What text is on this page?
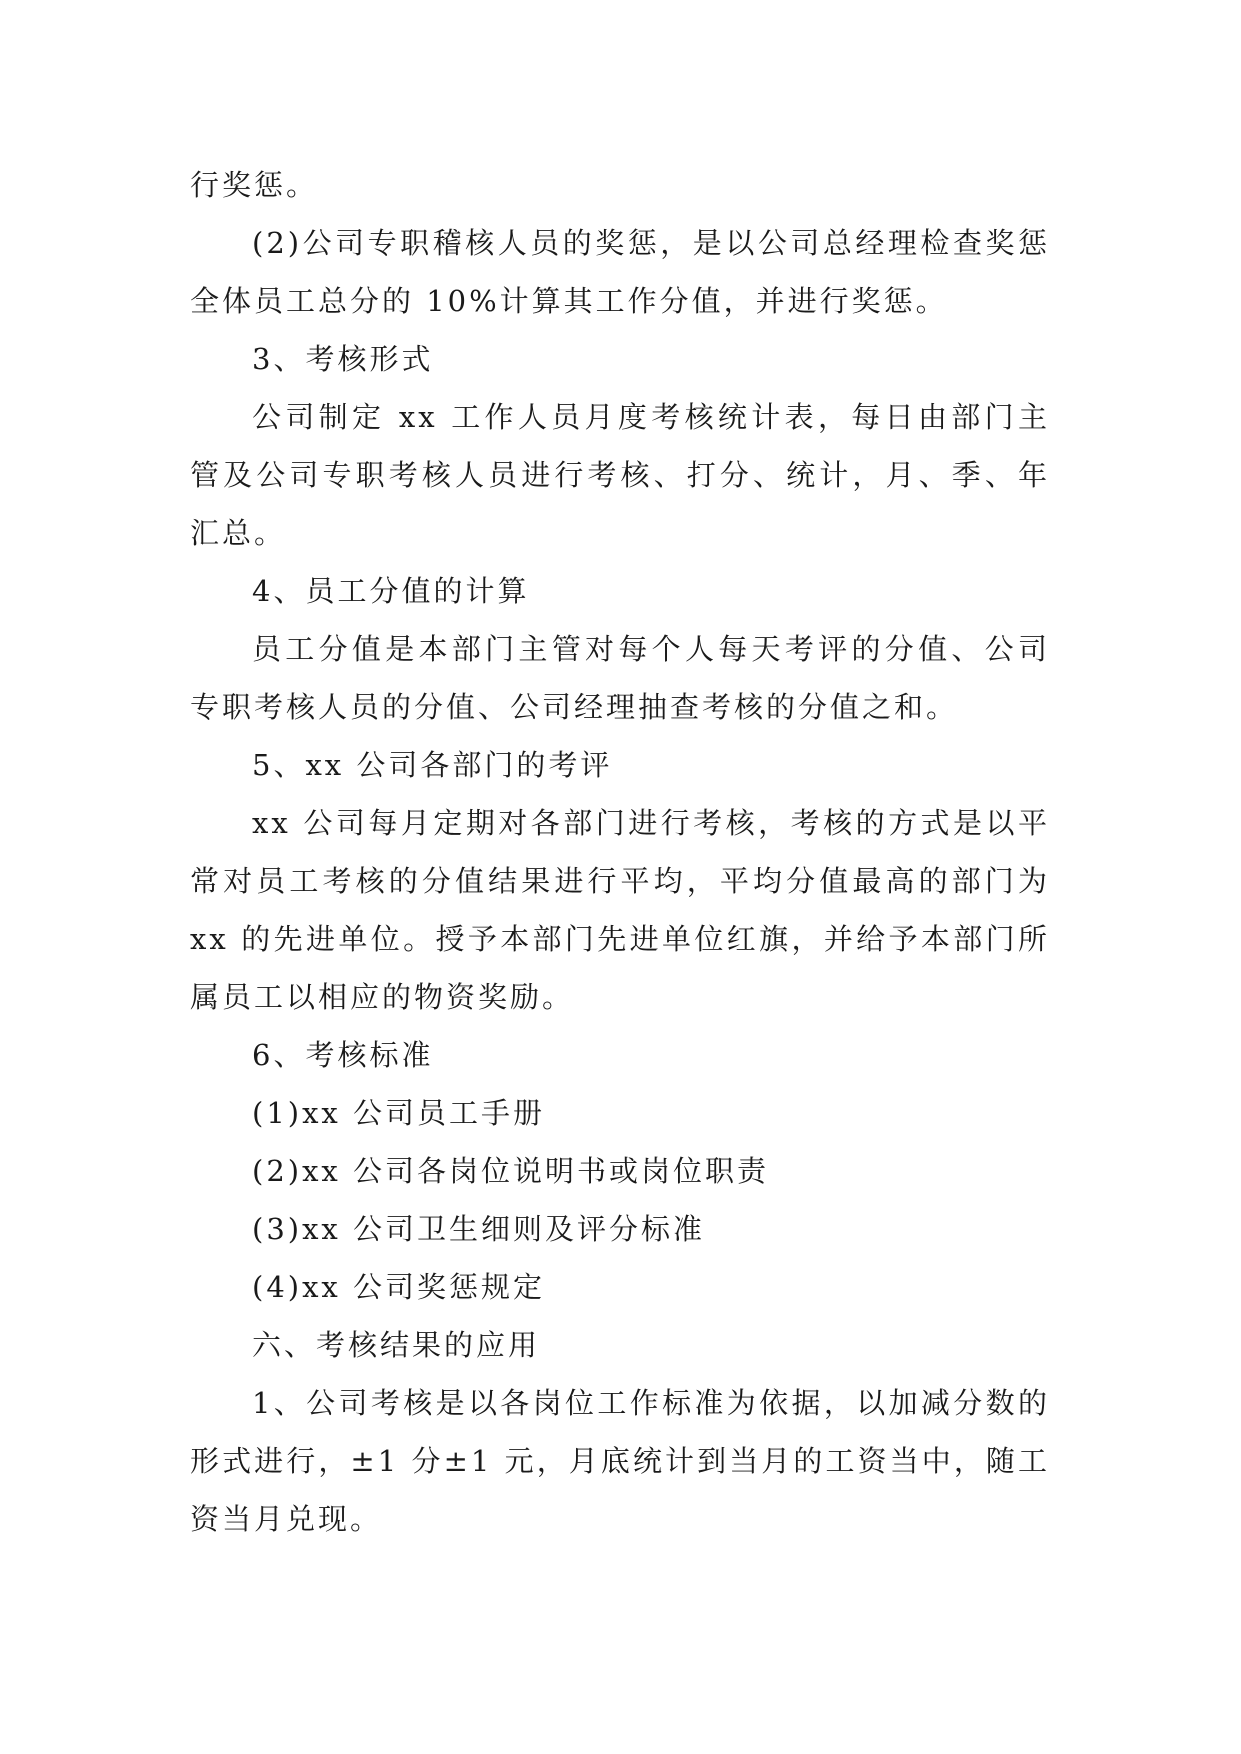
行奖惩。

(2)公司专职稽核人员的奖惩，是以公司总经理检查奖惩全体员工总分的 10%计算其工作分值，并进行奖惩。

3、考核形式

公司制定 xx 工作人员月度考核统计表，每日由部门主管及公司专职考核人员进行考核、打分、统计，月、季、年汇总。

4、员工分值的计算

员工分值是本部门主管对每个人每天考评的分值、公司专职考核人员的分值、公司经理抽查考核的分值之和。

5、xx 公司各部门的考评

xx 公司每月定期对各部门进行考核，考核的方式是以平常对员工考核的分值结果进行平均，平均分值最高的部门为 xx 的先进单位。授予本部门先进单位红旗，并给予本部门所属员工以相应的物资奖励。

6、考核标准

(1)xx 公司员工手册

(2)xx 公司各岗位说明书或岗位职责

(3)xx 公司卫生细则及评分标准

(4)xx 公司奖惩规定

六、考核结果的应用

1、公司考核是以各岗位工作标准为依据，以加减分数的形式进行，±1 分±1 元，月底统计到当月的工资当中，随工资当月兑现。
